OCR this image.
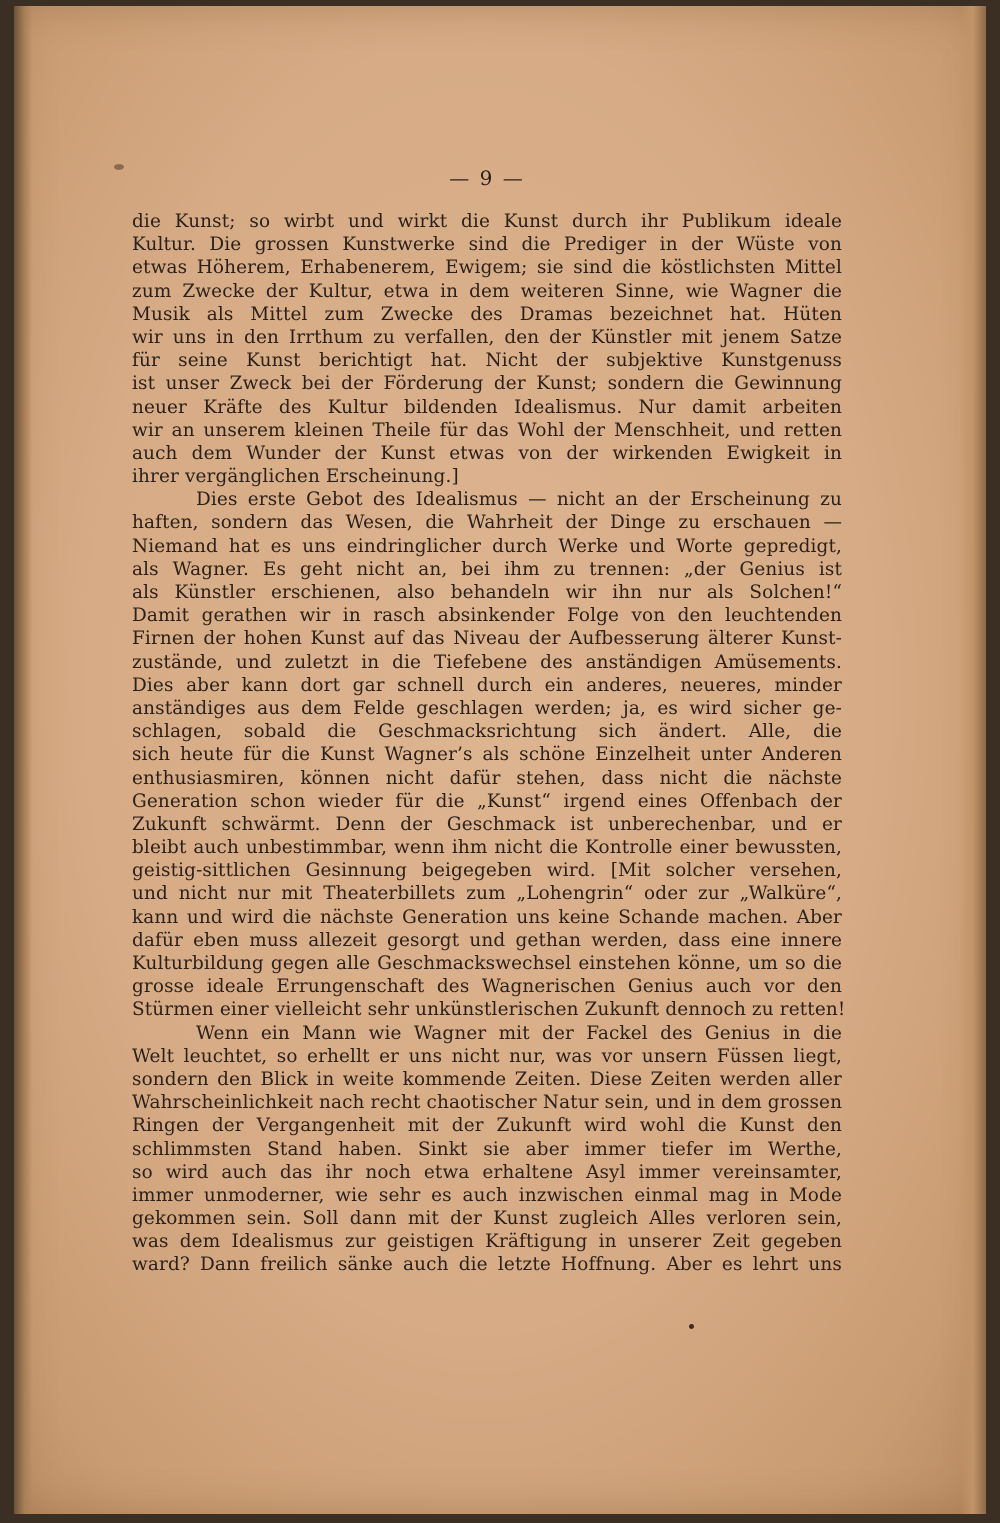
— 9 —
die Kunst; so wirbt und wirkt die Kunst durch ihr Publikum ideale
Kultur. Die grossen Kunstwerke sind die Prediger in der Wüste von
etwas Höherem, Erhabenerem, Ewigem; sie sind die köstlichsten Mittel
zum Zwecke der Kultur, etwa in dem weiteren Sinne, wie Wagner die
Musik als Mittel zum Zwecke des Dramas bezeichnet hat. Hüten
wir uns in den Irrthum zu verfallen, den der Künstler mit jenem Satze
für seine Kunst berichtigt hat. Nicht der subjektive Kunstgenuss
ist unser Zweck bei der Förderung der Kunst; sondern die Gewinnung
neuer Kräfte des Kultur bildenden Idealismus. Nur damit arbeiten
wir an unserem kleinen Theile für das Wohl der Menschheit, und retten
auch dem Wunder der Kunst etwas von der wirkenden Ewigkeit in
ihrer vergänglichen Erscheinung.]
Dies erste Gebot des Idealismus — nicht an der Erscheinung zu
haften, sondern das Wesen, die Wahrheit der Dinge zu erschauen —
Niemand hat es uns eindringlicher durch Werke und Worte gepredigt,
als Wagner. Es geht nicht an, bei ihm zu trennen: „der Genius ist
als Künstler erschienen, also behandeln wir ihn nur als Solchen!“
Damit gerathen wir in rasch absinkender Folge von den leuchtenden
Firnen der hohen Kunst auf das Niveau der Aufbesserung älterer Kunst-
zustände, und zuletzt in die Tiefebene des anständigen Amüsements.
Dies aber kann dort gar schnell durch ein anderes, neueres, minder
anständiges aus dem Felde geschlagen werden; ja, es wird sicher ge-
schlagen, sobald die Geschmacksrichtung sich ändert. Alle, die
sich heute für die Kunst Wagner’s als schöne Einzelheit unter Anderen
enthusiasmiren, können nicht dafür stehen, dass nicht die nächste
Generation schon wieder für die „Kunst“ irgend eines Offenbach der
Zukunft schwärmt. Denn der Geschmack ist unberechenbar, und er
bleibt auch unbestimmbar, wenn ihm nicht die Kontrolle einer bewussten,
geistig-sittlichen Gesinnung beigegeben wird. [Mit solcher versehen,
und nicht nur mit Theaterbillets zum „Lohengrin“ oder zur „Walküre“,
kann und wird die nächste Generation uns keine Schande machen. Aber
dafür eben muss allezeit gesorgt und gethan werden, dass eine innere
Kulturbildung gegen alle Geschmackswechsel einstehen könne, um so die
grosse ideale Errungenschaft des Wagnerischen Genius auch vor den
Stürmen einer vielleicht sehr unkünstlerischen Zukunft dennoch zu retten!
Wenn ein Mann wie Wagner mit der Fackel des Genius in die
Welt leuchtet, so erhellt er uns nicht nur, was vor unsern Füssen liegt,
sondern den Blick in weite kommende Zeiten. Diese Zeiten werden aller
Wahrscheinlichkeit nach recht chaotischer Natur sein, und in dem grossen
Ringen der Vergangenheit mit der Zukunft wird wohl die Kunst den
schlimmsten Stand haben. Sinkt sie aber immer tiefer im Werthe,
so wird auch das ihr noch etwa erhaltene Asyl immer vereinsamter,
immer unmoderner, wie sehr es auch inzwischen einmal mag in Mode
gekommen sein. Soll dann mit der Kunst zugleich Alles verloren sein,
was dem Idealismus zur geistigen Kräftigung in unserer Zeit gegeben
ward? Dann freilich sänke auch die letzte Hoffnung. Aber es lehrt uns
